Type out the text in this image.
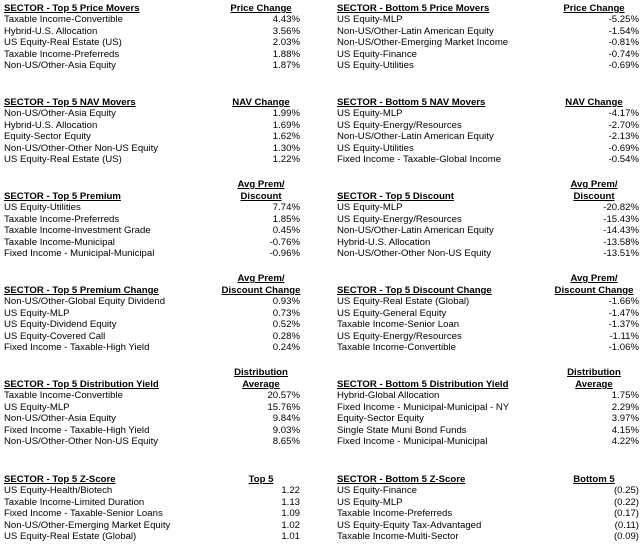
SECTOR - Top 5 Price Movers	Price Change
Taxable Income-Convertible	4.43%
Hybrid-U.S. Allocation	3.56%
US Equity-Real Estate (US)	2.03%
Taxable Income-Preferreds	1.88%
Non-US/Other-Asia Equity	1.87%
SECTOR - Bottom 5 Price Movers	Price Change
US Equity-MLP	-5.25%
Non-US/Other-Latin American Equity	-1.54%
Non-US/Other-Emerging Market Income	-0.81%
US Equity-Finance	-0.74%
US Equity-Utilities	-0.69%
SECTOR - Top 5 NAV Movers	NAV Change
Non-US/Other-Asia Equity	1.99%
Hybrid-U.S. Allocation	1.69%
Equity-Sector Equity	1.62%
Non-US/Other-Other Non-US Equity	1.30%
US Equity-Real Estate (US)	1.22%
SECTOR - Bottom 5 NAV Movers	NAV Change
US Equity-MLP	-4.17%
US Equity-Energy/Resources	-2.70%
Non-US/Other-Latin American Equity	-2.13%
US Equity-Utilities	-0.69%
Fixed Income - Taxable-Global Income	-0.54%
SECTOR - Top 5 Premium
Avg Prem/
Discount
US Equity-Utilities	7.74%
Taxable Income-Preferreds	1.85%
Taxable Income-Investment Grade	0.45%
Taxable Income-Municipal	-0.76%
Fixed Income - Municipal-Municipal	-0.96%
SECTOR - Top 5 Discount
Avg Prem/
Discount
US Equity-MLP	-20.82%
US Equity-Energy/Resources	-15.43%
Non-US/Other-Latin American Equity	-14.43%
Hybrid-U.S. Allocation	-13.58%
Non-US/Other-Other Non-US Equity	-13.51%
SECTOR - Top 5 Premium Change
Avg Prem/
Discount Change
Non-US/Other-Global Equity Dividend	0.93%
US Equity-MLP	0.73%
US Equity-Dividend Equity	0.52%
US Equity-Covered Call	0.28%
Fixed Income - Taxable-High Yield	0.24%
SECTOR - Top 5 Discount Change
Avg Prem/
Discount Change
US Equity-Real Estate (Global)	-1.66%
US Equity-General Equity	-1.47%
Taxable Income-Senior Loan	-1.37%
US Equity-Energy/Resources	-1.11%
Taxable Income-Convertible	-1.06%
SECTOR - Top 5 Distribution Yield
Distribution
Average
Taxable Income-Convertible	20.57%
US Equity-MLP	15.76%
Non-US/Other-Asia Equity	9.84%
Fixed Income - Taxable-High Yield	9.03%
Non-US/Other-Other Non-US Equity	8.65%
SECTOR - Bottom 5 Distribution Yield
Distribution
Average
Hybrid-Global Allocation	1.75%
Fixed Income - Municipal-Municipal - NY	2.29%
Equity-Sector Equity	3.97%
Single State Muni Bond Funds	4.15%
Fixed Income - Municipal-Municipal	4.22%
SECTOR - Top 5 Z-Score	Top 5
US Equity-Health/Biotech	1.22
Taxable Income-Limited Duration	1.13
Fixed Income - Taxable-Senior Loans	1.09
Non-US/Other-Emerging Market Equity	1.02
US Equity-Real Estate (Global)	1.01
SECTOR - Bottom 5 Z-Score	Bottom 5
US Equity-Finance	(0.25)
US Equity-MLP	(0.22)
Taxable Income-Preferreds	(0.17)
US Equity-Equity Tax-Advantaged	(0.11)
Taxable Income-Multi-Sector	(0.09)
